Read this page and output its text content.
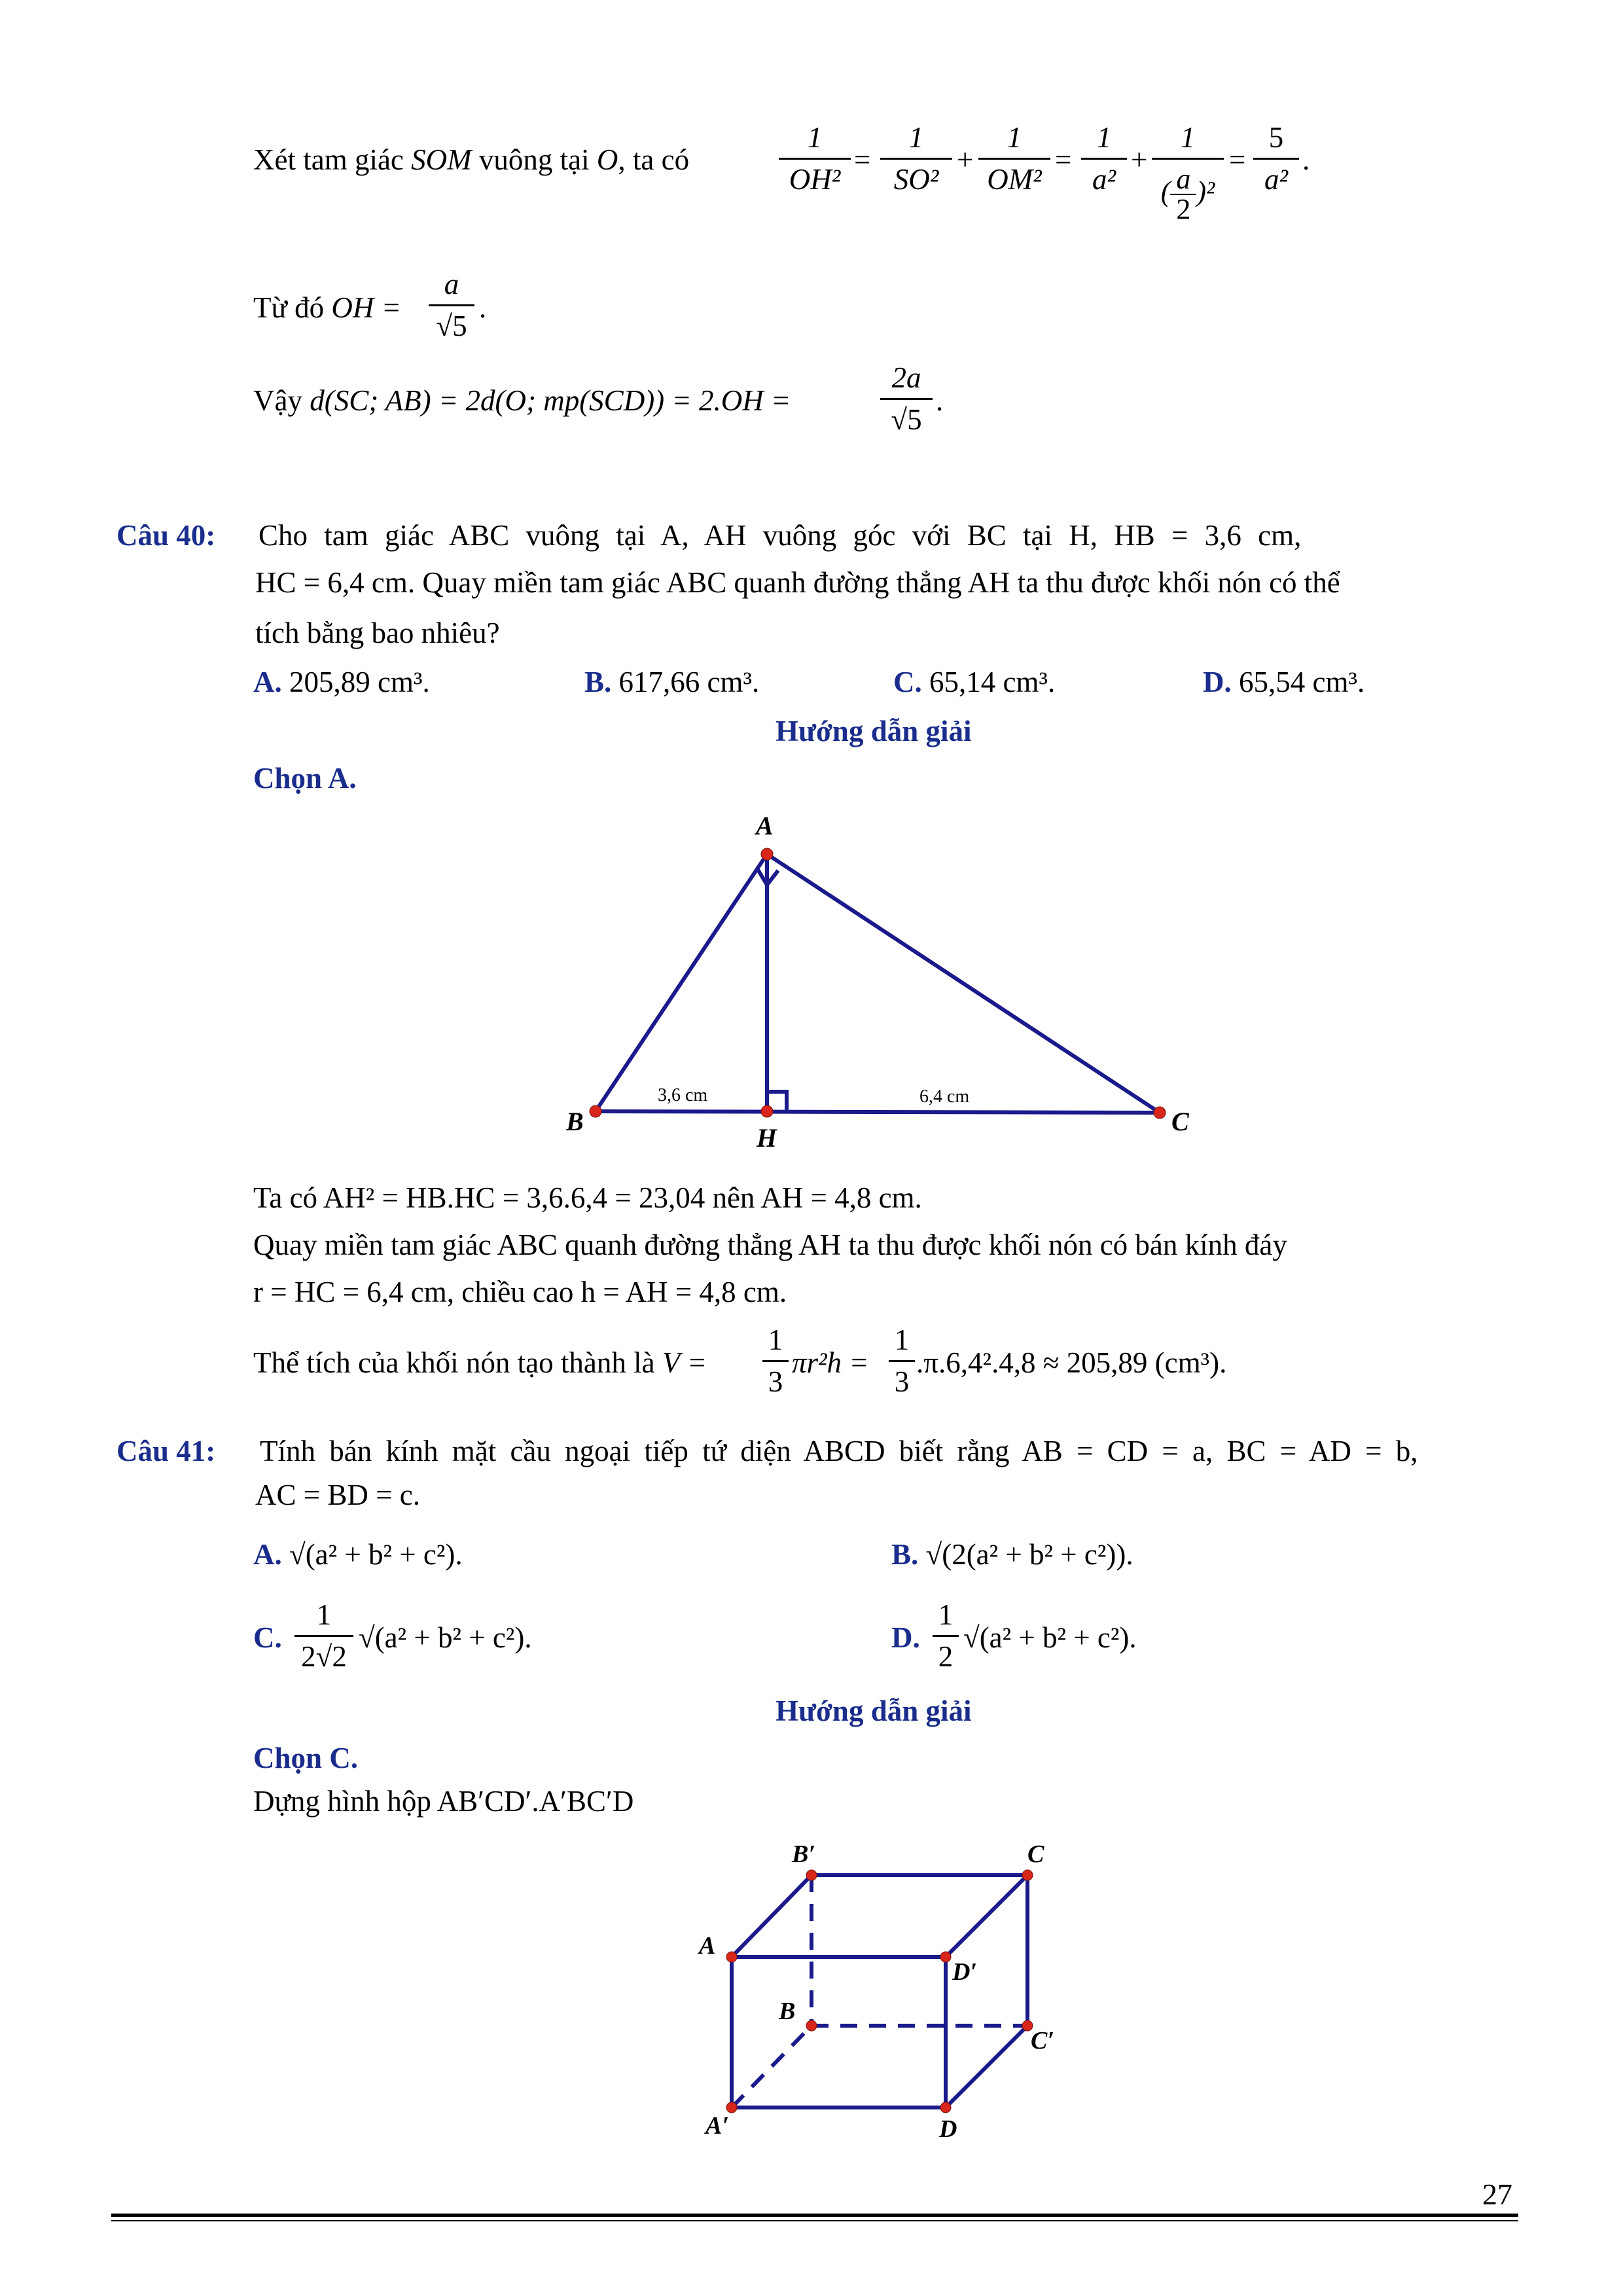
Xét tam giác SOM vuông tại O, ta có
1
OH²
=
1
SO²
+
1
OM²
=
1
a²
+
1
( $\frac{a}{2} )^2$
=
5
a²
.
Từ đó OH =
a
√5
.
Vậy d(SC; AB) = 2d(O; mp(SCD)) = 2.OH =
2a
√5
.
Câu 40: Cho tam giác ABC vuông tại A, AH vuông góc với BC tại H, HB = 3,6 cm,
HC = 6,4 cm. Quay miền tam giác ABC quanh đường thẳng AH ta thu được khối nón có thể
tích bằng bao nhiêu?
A. 205,89 cm³.	B. 617,66 cm³.	C. 65,14 cm³.	D. 65,54 cm³.
Hướng dẫn giải
Chọn A.
A
B
H
C
3,6 cm	6,4 cm
Ta có AH² = HB.HC = 3,6.6,4 = 23,04 nên AH = 4,8 cm.
Quay miền tam giác ABC quanh đường thẳng AH ta thu được khối nón có bán kính đáy
r = HC = 6,4 cm, chiều cao h = AH = 4,8 cm.
Thể tích của khối nón tạo thành là V =
1
3
πr²h =
1
3
.π.6,4².4,8 ≈ 205,89 (cm³).
Câu 41: Tính bán kính mặt cầu ngoại tiếp tứ diện ABCD biết rằng AB = CD = a, BC = AD = b,
AC = BD = c.
A. √(a² + b² + c²).	B. √(2(a² + b² + c²)).
C.
1
2√2
√(a² + b² + c²).	D.
1
2
√(a² + b² + c²).
Hướng dẫn giải
Chọn C.
Dựng hình hộp AB′CD′.A′BC′D
B′	C
A
D′
B
C′
A′	D
27
